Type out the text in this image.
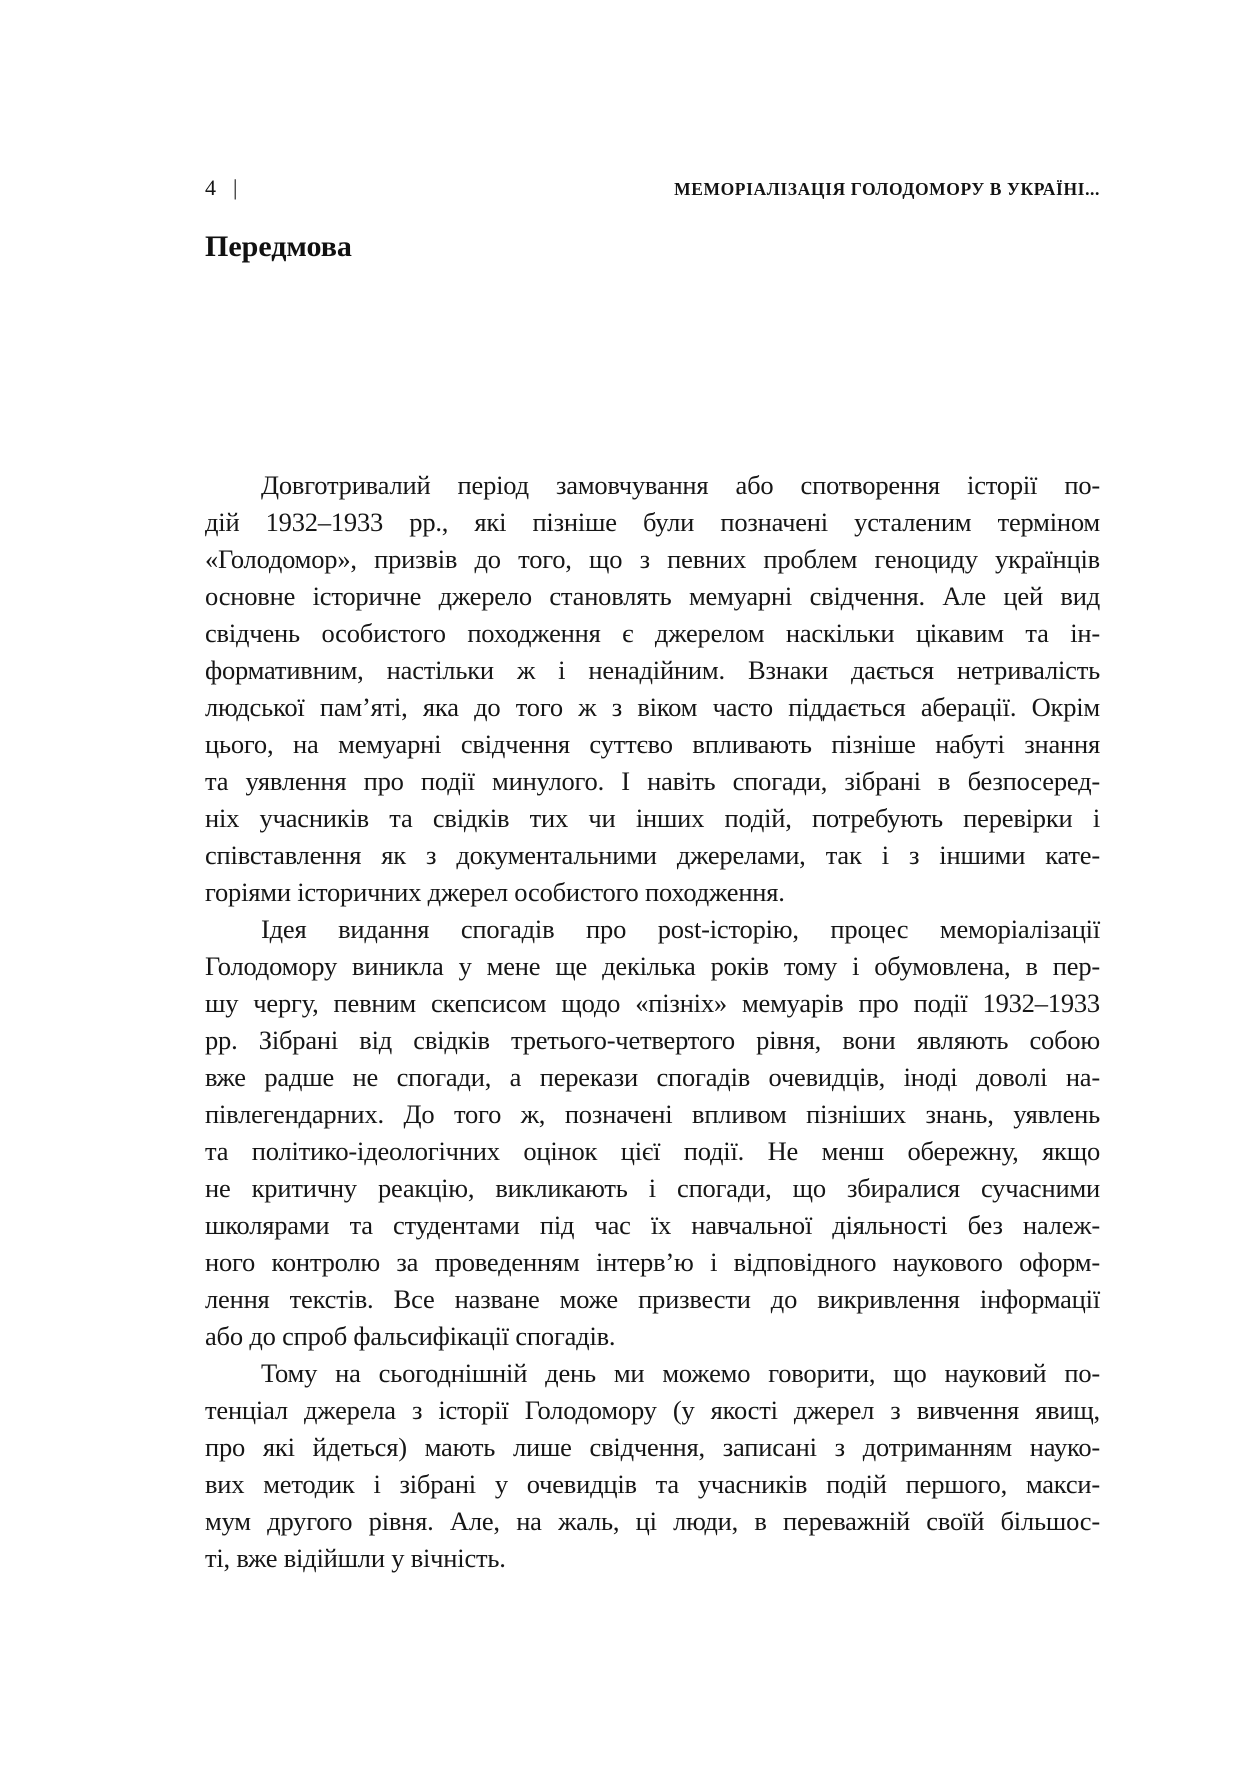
4 |	МЕМОРІАЛІЗАЦІЯ ГОЛОДОМОРУ В УКРАЇНІ...
Передмова
Довготривалий період замовчування або спотворення історії по-
дій 1932–1933 рр., які пізніше були позначені усталеним терміном
«Голодомор», призвів до того, що з певних проблем геноциду українців
основне історичне джерело становлять мемуарні свідчення. Але цей вид
свідчень особистого походження є джерелом наскільки цікавим та ін-
формативним, настільки ж і ненадійним. Взнаки дається нетривалість
людської пам’яті, яка до того ж з віком часто піддається аберації. Окрім
цього, на мемуарні свідчення суттєво впливають пізніше набуті знання
та уявлення про події минулого. І навіть спогади, зібрані в безпосеред-
ніх учасників та свідків тих чи інших подій, потребують перевірки і
співставлення як з документальними джерелами, так і з іншими кате-
горіями історичних джерел особистого походження.
Ідея видання спогадів про post-історію, процес меморіалізації
Голодомору виникла у мене ще декілька років тому і обумовлена, в пер-
шу чергу, певним скепсисом щодо «пізніх» мемуарів про події 1932–1933
рр. Зібрані від свідків третього-четвертого рівня, вони являють собою
вже радше не спогади, а перекази спогадів очевидців, іноді доволі на-
півлегендарних. До того ж, позначені впливом пізніших знань, уявлень
та політико-ідеологічних оцінок цієї події. Не менш обережну, якщо
не критичну реакцію, викликають і спогади, що збиралися сучасними
школярами та студентами під час їх навчальної діяльності без належ-
ного контролю за проведенням інтерв’ю і відповідного наукового оформ-
лення текстів. Все назване може призвести до викривлення інформації
або до спроб фальсифікації спогадів.
Тому на сьогоднішній день ми можемо говорити, що науковий по-
тенціал джерела з історії Голодомору (у якості джерел з вивчення явищ,
про які йдеться) мають лише свідчення, записані з дотриманням науко-
вих методик і зібрані у очевидців та учасників подій першого, макси-
мум другого рівня. Але, на жаль, ці люди, в переважній своїй більшос-
ті, вже відійшли у вічність.
